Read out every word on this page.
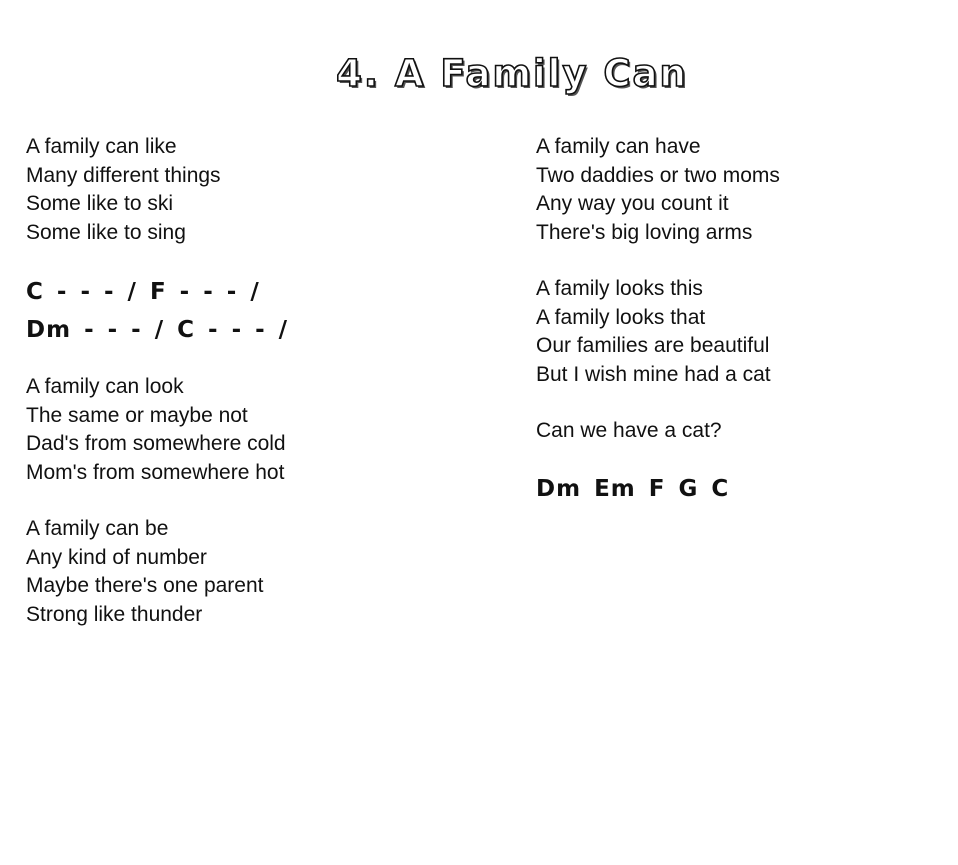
4. A Family Can
A family can like
Many different things
Some like to ski
Some like to sing
C - - - / F - - - /
Dm - - - / C - - - /
A family can look
The same or maybe not
Dad's from somewhere cold
Mom's from somewhere hot
A family can be
Any kind of number
Maybe there's one parent
Strong like thunder
A family can have
Two daddies or two moms
Any way you count it
There's big loving arms
A family looks this
A family looks that
Our families are beautiful
But I wish mine had a cat
Can we have a cat?
Dm Em F G C
